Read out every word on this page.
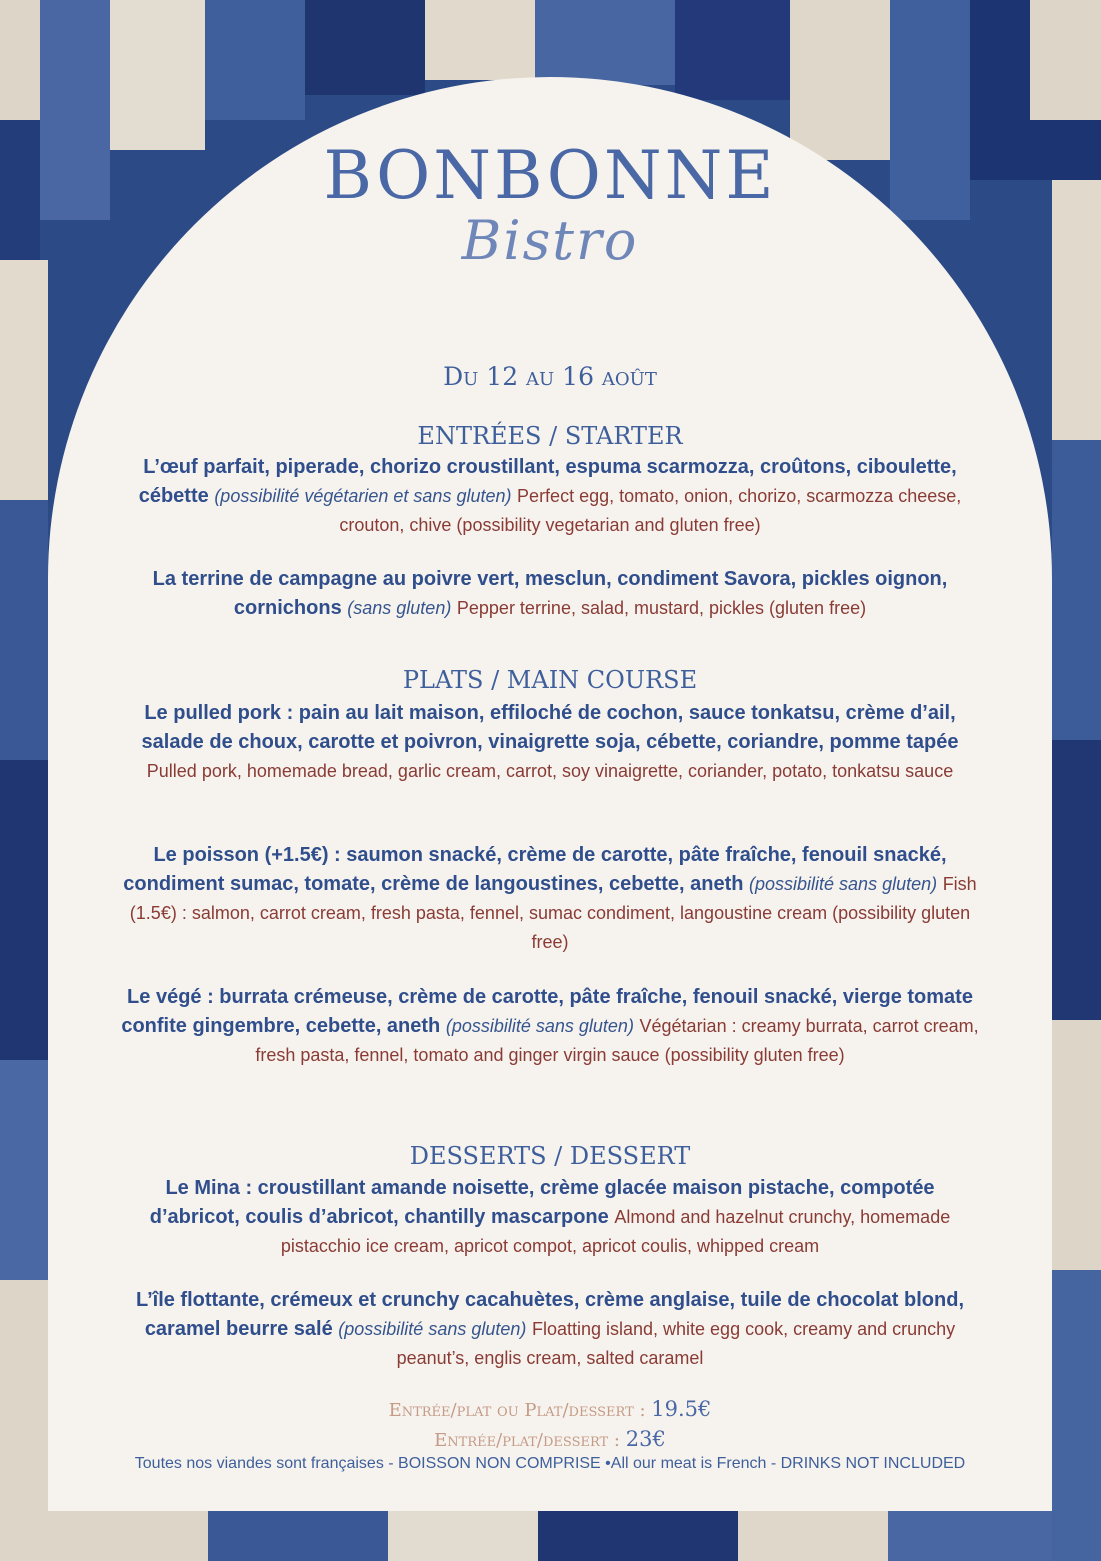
BONBONNE
Bistro
Du 12 au 16 août
ENTRÉES / STARTER
L’œuf parfait, piperade, chorizo croustillant, espuma scarmozza, croûtons, ciboulette, cébette (possibilité végétarien et sans gluten) Perfect egg, tomato, onion, chorizo, scarmozza cheese, crouton, chive (possibility vegetarian and gluten free)
La terrine de campagne au poivre vert, mesclun, condiment Savora, pickles oignon, cornichons (sans gluten) Pepper terrine, salad, mustard, pickles (gluten free)
PLATS / MAIN COURSE
Le pulled pork : pain au lait maison, effiloché de cochon, sauce tonkatsu, crème d’ail, salade de choux, carotte et poivron, vinaigrette soja, cébette, coriandre, pomme tapée Pulled pork, homemade bread, garlic cream, carrot, soy vinaigrette, coriander, potato, tonkatsu sauce
Le poisson (+1.5€) : saumon snacké, crème de carotte, pâte fraîche, fenouil snacké, condiment sumac, tomate, crème de langoustines, cebette, aneth (possibilité sans gluten) Fish (1.5€) : salmon, carrot cream, fresh pasta, fennel, sumac condiment, langoustine cream (possibility gluten free)
Le végé : burrata crémeuse, crème de carotte, pâte fraîche, fenouil snacké, vierge tomate confite gingembre, cebette, aneth (possibilité sans gluten) Végétarian : creamy burrata, carrot cream, fresh pasta, fennel, tomato and ginger virgin sauce (possibility gluten free)
DESSERTS / DESSERT
Le Mina : croustillant amande noisette, crème glacée maison pistache, compotée d’abricot, coulis d’abricot, chantilly mascarpone Almond and hazelnut crunchy, homemade pistacchio ice cream, apricot compot, apricot coulis, whipped cream
L’île flottante, crémeux et crunchy cacahuètes, crème anglaise, tuile de chocolat blond, caramel beurre salé (possibilité sans gluten) Floatting island, white egg cook, creamy and crunchy peanut’s, englis cream, salted caramel
Entrée/plat ou Plat/dessert : 19.5€
Entrée/plat/dessert : 23€
Toutes nos viandes sont françaises - BOISSON NON COMPRISE •All our meat is French - DRINKS NOT INCLUDED
